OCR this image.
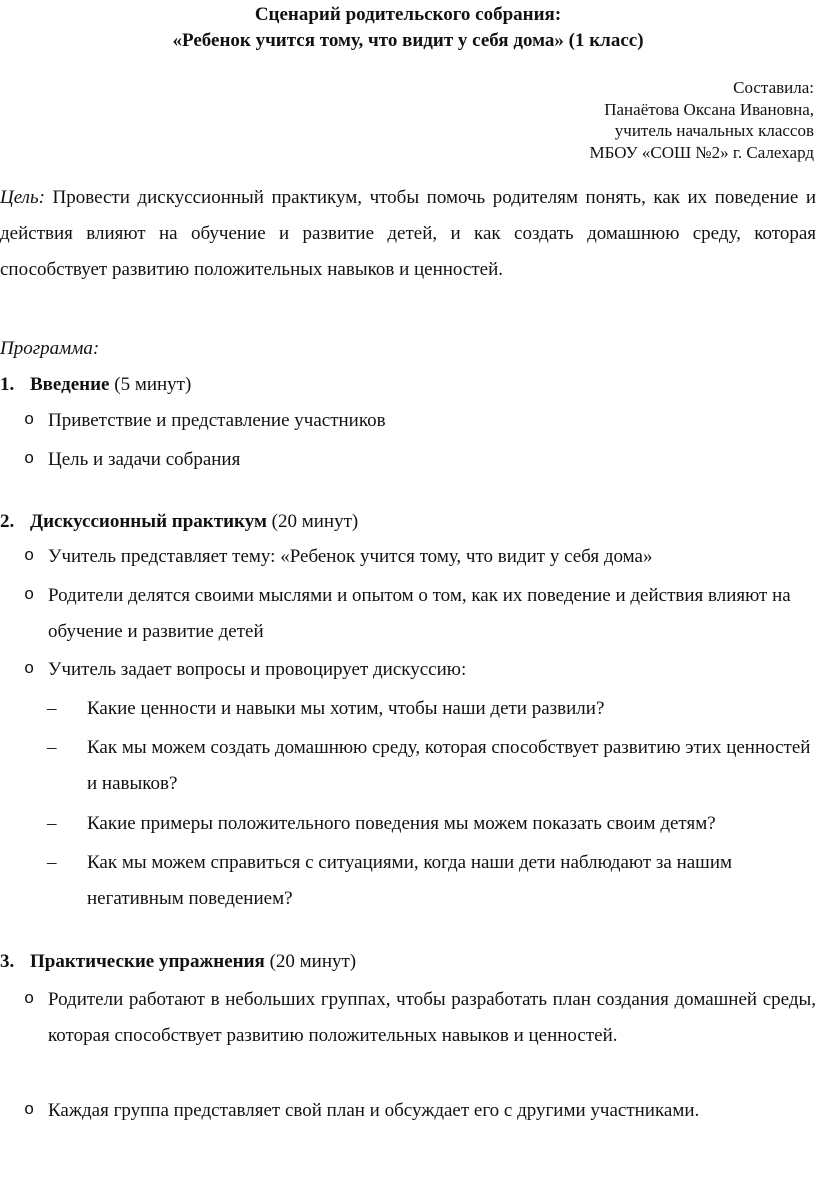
Сценарий родительского собрания:
«Ребенок учится тому, что видит у себя дома» (1 класс)
Составила:
Панаётова Оксана Ивановна,
учитель начальных классов
МБОУ «СОШ №2» г. Салехард
Цель: Провести дискуссионный практикум, чтобы помочь родителям понять, как их поведение и действия влияют на обучение и развитие детей, и как создать домашнюю среду, которая способствует развитию положительных навыков и ценностей.
Программа:
1. Введение (5 минут)
o Приветствие и представление участников
o Цель и задачи собрания
2. Дискуссионный практикум (20 минут)
o Учитель представляет тему: «Ребенок учится тому, что видит у себя дома»
o Родители делятся своими мыслями и опытом о том, как их поведение и действия влияют на обучение и развитие детей
o Учитель задает вопросы и провоцирует дискуссию:
– Какие ценности и навыки мы хотим, чтобы наши дети развили?
– Как мы можем создать домашнюю среду, которая способствует развитию этих ценностей и навыков?
– Какие примеры положительного поведения мы можем показать своим детям?
– Как мы можем справиться с ситуациями, когда наши дети наблюдают за нашим негативным поведением?
3. Практические упражнения (20 минут)
o Родители работают в небольших группах, чтобы разработать план создания домашней среды, которая способствует развитию положительных навыков и ценностей.
o Каждая группа представляет свой план и обсуждает его с другими участниками.
